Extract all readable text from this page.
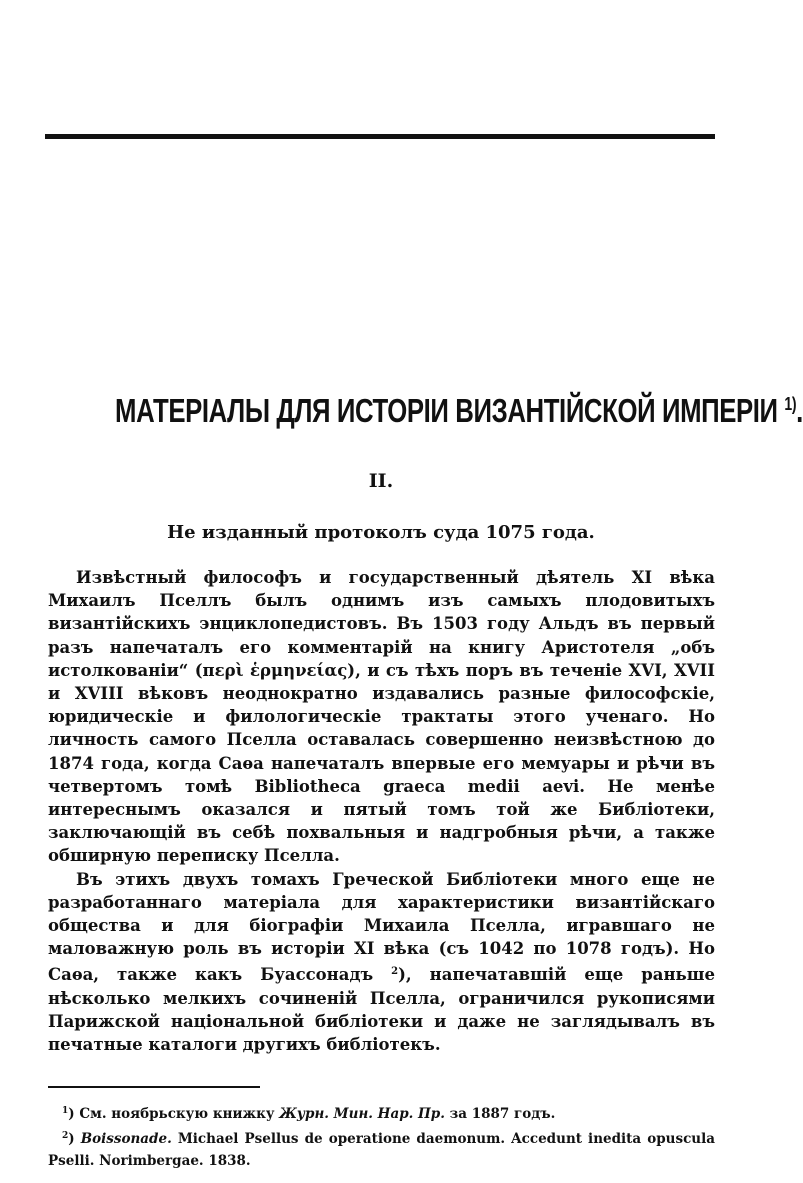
МАТЕРІАЛЫ ДЛЯ ИСТОРІИ ВИЗАНТІЙСКОЙ ИМПЕРІИ $^{1)}$.
II.
Не изданный протоколъ суда 1075 года.

Извѣстный философъ и государственный дѣятель XI вѣка Михаилъ Пселлъ былъ однимъ изъ самыхъ плодовитыхъ византійскихъ энциклопедистовъ. Въ 1503 году Альдъ въ первый разъ напечаталъ его комментарій на книгу Аристотеля „объ истолкованіи“ (περὶ ἑρμηνείας), и съ тѣхъ поръ въ теченіе XVI, XVII и XVIII вѣковъ неоднократно издавались разные философскіе, юридическіе и филологическіе трактаты этого ученаго. Но личность самого Пселла оставалась совершенно неизвѣстною до 1874 года, когда Саѳа напечаталъ впервые его мемуары и рѣчи въ четвертомъ томѣ Bibliotheca graeca medii aevi. Не менѣе интереснымъ оказался и пятый томъ той же Библіотеки, заключающій въ себѣ похвальныя и надгробныя рѣчи, а также обширную переписку Пселла.

Въ этихъ двухъ томахъ Греческой Библіотеки много еще не разработаннаго матеріала для характеристики византійскаго общества и для біографіи Михаила Пселла, игравшаго не маловажную роль въ исторіи XI вѣка (съ 1042 по 1078 годъ). Но Саѳа, также какъ Буассонадъ $^2$), напечатавшій еще раньше нѣсколько мелкихъ сочиненій Пселла, ограничился рукописями Парижской національной библіотеки и даже не заглядывалъ въ печатные каталоги другихъ библіотекъ.

$^1$) См. ноябрьскую книжку Журн. Мин. Нар. Пр. за 1887 годъ.

$^2$) Boissonade. Michael Psellus de operatione daemonum. Accedunt inedita opuscula Pselli. Norimbergae. 1838.
